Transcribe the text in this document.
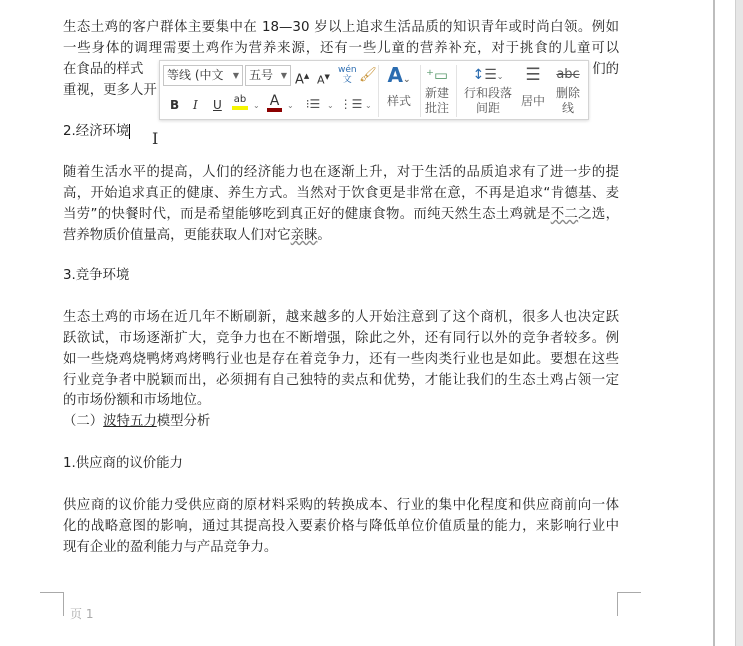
生态土鸡的客户群体主要集中在 18—30 岁以上追求生活品质的知识青年或时尚白领。例如
一些身体的调理需要土鸡作为营养来源，还有一些儿童的营养补充，对于挑食的儿童可以
在食品的样式	们的
重视，更多人开
2.经济环境 I
随着生活水平的提高，人们的经济能力也在逐渐上升，对于生活的品质追求有了进一步的提
高，开始追求真正的健康、养生方式。当然对于饮食更是非常在意，不再是追求“肯德基、麦
当劳”的快餐时代，而是希望能够吃到真正好的健康食物。而纯天然生态土鸡就是不二之选，
营养物质价值量高，更能获取人们对它亲睐。
3.竞争环境
生态土鸡的市场在近几年不断刷新，越来越多的人开始注意到了这个商机，很多人也决定跃
跃欲试，市场逐渐扩大，竞争力也在不断增强，除此之外，还有同行以外的竞争者较多。例
如一些烧鸡烧鸭烤鸡烤鸭行业也是存在着竞争力，还有一些肉类行业也是如此。要想在这些
行业竞争者中脱颖而出，必须拥有自己独特的卖点和优势，才能让我们的生态土鸡占领一定
的市场份额和市场地位。
（二）波特五力模型分析
1.供应商的议价能力
供应商的议价能力受供应商的原材料采购的转换成本、行业的集中化程度和供应商前向一体
化的战略意图的影响，通过其提高投入要素价格与降低单位价值质量的能力，来影响行业中
现有企业的盈利能力与产品竞争力。
页 1
等线 (中文 ▼ 五号 ▼ A▲ A▼
wén
文 🖌
B I U ab
⌄ A ⌄	⁝☰ ⌄ ⋮☰ ⌄
A⌄
样式
⁺▭
新建
批注
↕☰⌄
行和段落
间距
☰
居中
abc
删除
线
